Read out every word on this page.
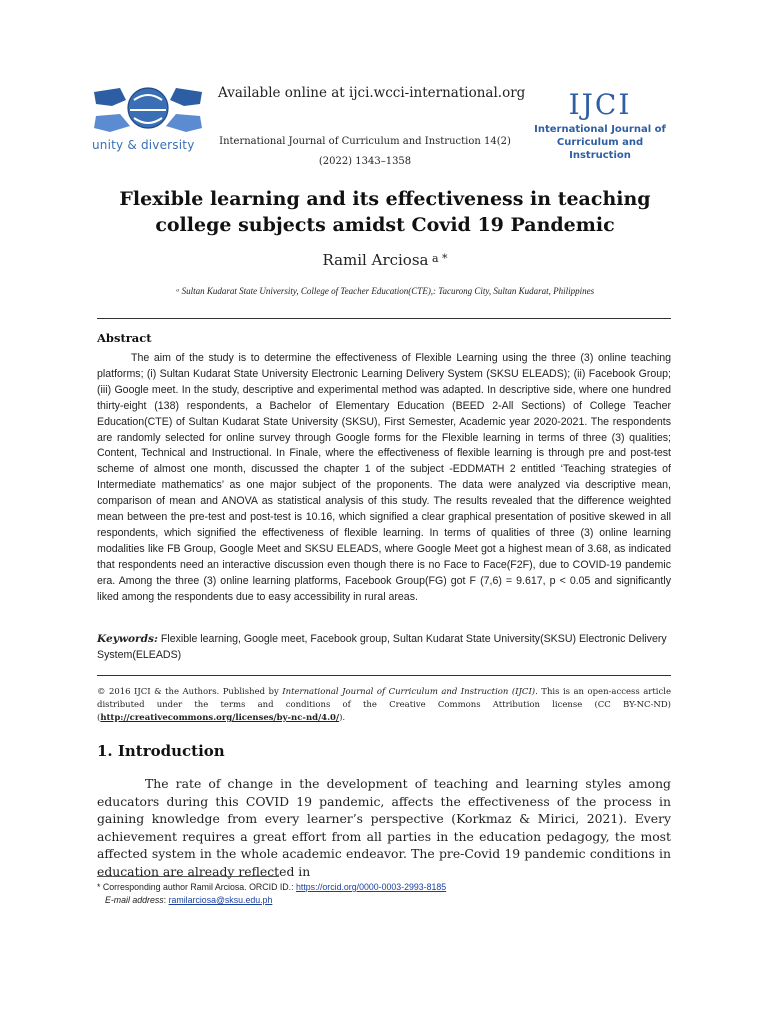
unity & diversity
Available online at ijci.wcci-international.org
International Journal of Curriculum and Instruction 14(2)
(2022) 1343–1358
IJCI
International Journal of
Curriculum and Instruction
Flexible learning and its effectiveness in teaching
college subjects amidst Covid 19 Pandemic
Ramil Arciosa $^{a *}$
ᵃ Sultan Kudarat State University, College of Teacher Education(CTE),: Tacurong City, Sultan Kudarat, Philippines
Abstract
The aim of the study is to determine the effectiveness of Flexible Learning using the three (3) online teaching platforms; (i) Sultan Kudarat State University Electronic Learning Delivery System (SKSU ELEADS); (ii) Facebook Group; (iii) Google meet. In the study, descriptive and experimental method was adapted. In descriptive side, where one hundred thirty-eight (138) respondents, a Bachelor of Elementary Education (BEED 2-All Sections) of College Teacher Education(CTE) of Sultan Kudarat State University (SKSU), First Semester, Academic year 2020-2021. The respondents are randomly selected for online survey through Google forms for the Flexible learning in terms of three (3) qualities; Content, Technical and Instructional. In Finale, where the effectiveness of flexible learning is through pre and post-test scheme of almost one month, discussed the chapter 1 of the subject -EDDMATH 2 entitled ‘Teaching strategies of Intermediate mathematics’ as one major subject of the proponents. The data were analyzed via descriptive mean, comparison of mean and ANOVA as statistical analysis of this study. The results revealed that the difference weighted mean between the pre-test and post-test is 10.16, which signified a clear graphical presentation of positive skewed in all respondents, which signified the effectiveness of flexible learning. In terms of qualities of three (3) online learning modalities like FB Group, Google Meet and SKSU ELEADS, where Google Meet got a highest mean of 3.68, as indicated that respondents need an interactive discussion even though there is no Face to Face(F2F), due to COVID-19 pandemic era. Among the three (3) online learning platforms, Facebook Group(FG) got F (7,6) = 9.617, p < 0.05 and significantly liked among the respondents due to easy accessibility in rural areas.
Keywords: Flexible learning, Google meet, Facebook group, Sultan Kudarat State University(SKSU) Electronic Delivery System(ELEADS)
© 2016 IJCI & the Authors. Published by International Journal of Curriculum and Instruction (IJCI). This is an open-access article distributed under the terms and conditions of the Creative Commons Attribution license (CC BY-NC-ND) (http://creativecommons.org/licenses/by-nc-nd/4.0/).
1. Introduction
The rate of change in the development of teaching and learning styles among educators during this COVID 19 pandemic, affects the effectiveness of the process in gaining knowledge from every learner’s perspective (Korkmaz & Mirici, 2021). Every achievement requires a great effort from all parties in the education pedagogy, the most affected system in the whole academic endeavor. The pre-Covid 19 pandemic conditions in education are already reflected in
* Corresponding author Ramil Arciosa. ORCID ID.: https://orcid.org/0000-0003-2993-8185
E-mail address: ramilarciosa@sksu.edu.ph
